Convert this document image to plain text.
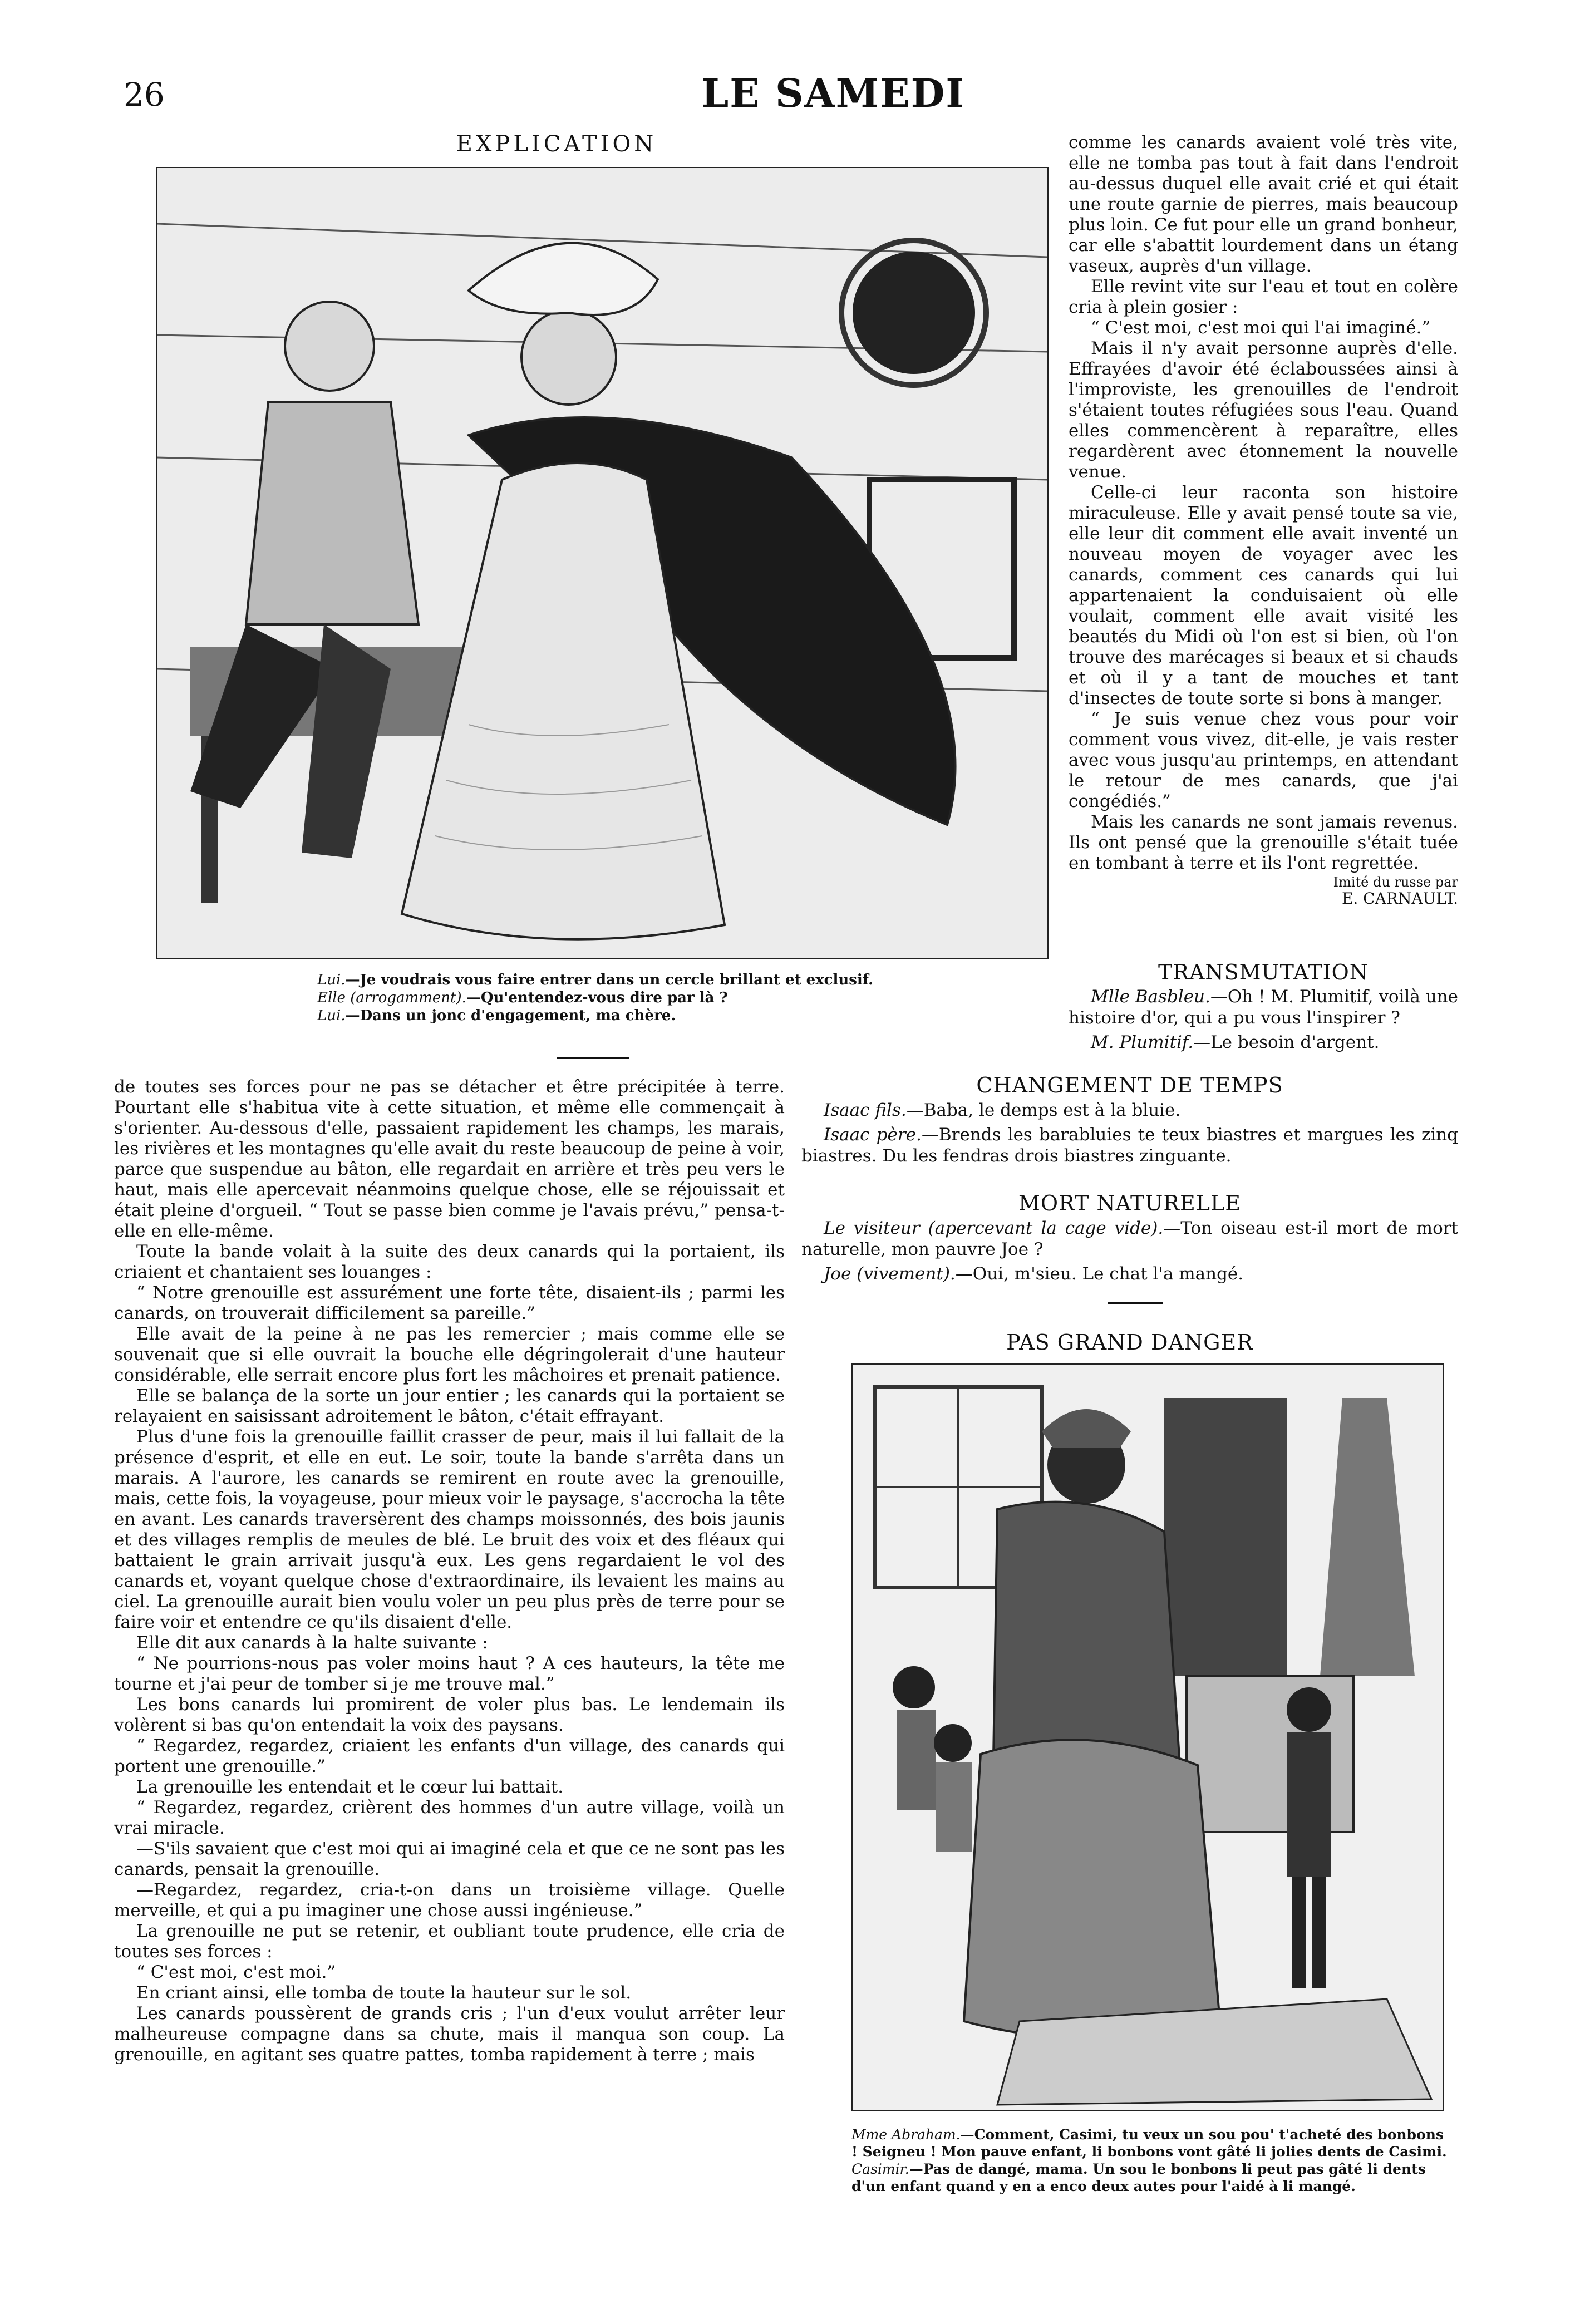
26	LE SAMEDI
EXPLICATION
Lui.—Je voudrais vous faire entrer dans un cercle brillant et exclusif.
Elle (arrogamment).—Qu'entendez-vous dire par là ?
Lui.—Dans un jonc d'engagement, ma chère.

comme les canards avaient volé très vite, elle ne tomba pas tout à fait dans l'endroit au-dessus duquel elle avait crié et qui était une route garnie de pierres, mais beaucoup plus loin. Ce fut pour elle un grand bonheur, car elle s'abattit lourdement dans un étang vaseux, auprès d'un village.

Elle revint vite sur l'eau et tout en colère cria à plein gosier :

“ C'est moi, c'est moi qui l'ai imaginé.”

Mais il n'y avait personne auprès d'elle. Effrayées d'avoir été éclaboussées ainsi à l'improviste, les grenouilles de l'endroit s'étaient toutes réfugiées sous l'eau. Quand elles commencèrent à reparaître, elles regardèrent avec étonnement la nouvelle venue.

Celle-ci leur raconta son histoire miraculeuse. Elle y avait pensé toute sa vie, elle leur dit comment elle avait inventé un nouveau moyen de voyager avec les canards, comment ces canards qui lui appartenaient la conduisaient où elle voulait, comment elle avait visité les beautés du Midi où l'on est si bien, où l'on trouve des marécages si beaux et si chauds et où il y a tant de mouches et tant d'insectes de toute sorte si bons à manger.

“ Je suis venue chez vous pour voir comment vous vivez, dit-elle, je vais rester avec vous jusqu'au printemps, en attendant le retour de mes canards, que j'ai congédiés.”

Mais les canards ne sont jamais revenus. Ils ont pensé que la grenouille s'était tuée en tombant à terre et ils l'ont regrettée.

Imité du russe par
E. CARNAULT.
TRANSMUTATION

Mlle Basbleu.—Oh ! M. Plumitif, voilà une histoire d'or, qui a pu vous l'inspirer ?

M. Plumitif.—Le besoin d'argent.

de toutes ses forces pour ne pas se détacher et être précipitée à terre. Pourtant elle s'habitua vite à cette situation, et même elle commençait à s'orienter. Au-dessous d'elle, passaient rapidement les champs, les marais, les rivières et les montagnes qu'elle avait du reste beaucoup de peine à voir, parce que suspendue au bâton, elle regardait en arrière et très peu vers le haut, mais elle apercevait néanmoins quelque chose, elle se réjouissait et était pleine d'orgueil. “ Tout se passe bien comme je l'avais prévu,” pensa-t-elle en elle-même.

Toute la bande volait à la suite des deux canards qui la portaient, ils criaient et chantaient ses louanges :

“ Notre grenouille est assurément une forte tête, disaient-ils ; parmi les canards, on trouverait difficilement sa pareille.”

Elle avait de la peine à ne pas les remercier ; mais comme elle se souvenait que si elle ouvrait la bouche elle dégringolerait d'une hauteur considérable, elle serrait encore plus fort les mâchoires et prenait patience.

Elle se balança de la sorte un jour entier ; les canards qui la portaient se relayaient en saisissant adroitement le bâton, c'était effrayant.

Plus d'une fois la grenouille faillit crasser de peur, mais il lui fallait de la présence d'esprit, et elle en eut. Le soir, toute la bande s'arrêta dans un marais. A l'aurore, les canards se remirent en route avec la grenouille, mais, cette fois, la voyageuse, pour mieux voir le paysage, s'accrocha la tête en avant. Les canards traversèrent des champs moissonnés, des bois jaunis et des villages remplis de meules de blé. Le bruit des voix et des fléaux qui battaient le grain arrivait jusqu'à eux. Les gens regardaient le vol des canards et, voyant quelque chose d'extraordinaire, ils levaient les mains au ciel. La grenouille aurait bien voulu voler un peu plus près de terre pour se faire voir et entendre ce qu'ils disaient d'elle.

Elle dit aux canards à la halte suivante :

“ Ne pourrions-nous pas voler moins haut ? A ces hauteurs, la tête me tourne et j'ai peur de tomber si je me trouve mal.”

Les bons canards lui promirent de voler plus bas. Le lendemain ils volèrent si bas qu'on entendait la voix des paysans.

“ Regardez, regardez, criaient les enfants d'un village, des canards qui portent une grenouille.”

La grenouille les entendait et le cœur lui battait.

“ Regardez, regardez, crièrent des hommes d'un autre village, voilà un vrai miracle.

—S'ils savaient que c'est moi qui ai imaginé cela et que ce ne sont pas les canards, pensait la grenouille.

—Regardez, regardez, cria-t-on dans un troisième village. Quelle merveille, et qui a pu imaginer une chose aussi ingénieuse.”

La grenouille ne put se retenir, et oubliant toute prudence, elle cria de toutes ses forces :

“ C'est moi, c'est moi.”

En criant ainsi, elle tomba de toute la hauteur sur le sol.

Les canards poussèrent de grands cris ; l'un d'eux voulut arrêter leur malheureuse compagne dans sa chute, mais il manqua son coup. La grenouille, en agitant ses quatre pattes, tomba rapidement à terre ; mais

CHANGEMENT DE TEMPS

Isaac fils.—Baba, le demps est à la bluie.

Isaac père.—Brends les barabluies te teux biastres et margues les zinq biastres. Du les fendras drois biastres zinguante.

MORT NATURELLE

Le visiteur (apercevant la cage vide).—Ton oiseau est-il mort de mort naturelle, mon pauvre Joe ?

Joe (vivement).—Oui, m'sieu. Le chat l'a mangé.

PAS GRAND DANGER
Mme Abraham.—Comment, Casimi, tu veux un sou pou' t'acheté des bonbons ! Seigneu ! Mon pauve enfant, li bonbons vont gâté li jolies dents de Casimi.
Casimir.—Pas de dangé, mama. Un sou le bonbons li peut pas gâté li dents d'un enfant quand y en a enco deux autes pour l'aidé à li mangé.
